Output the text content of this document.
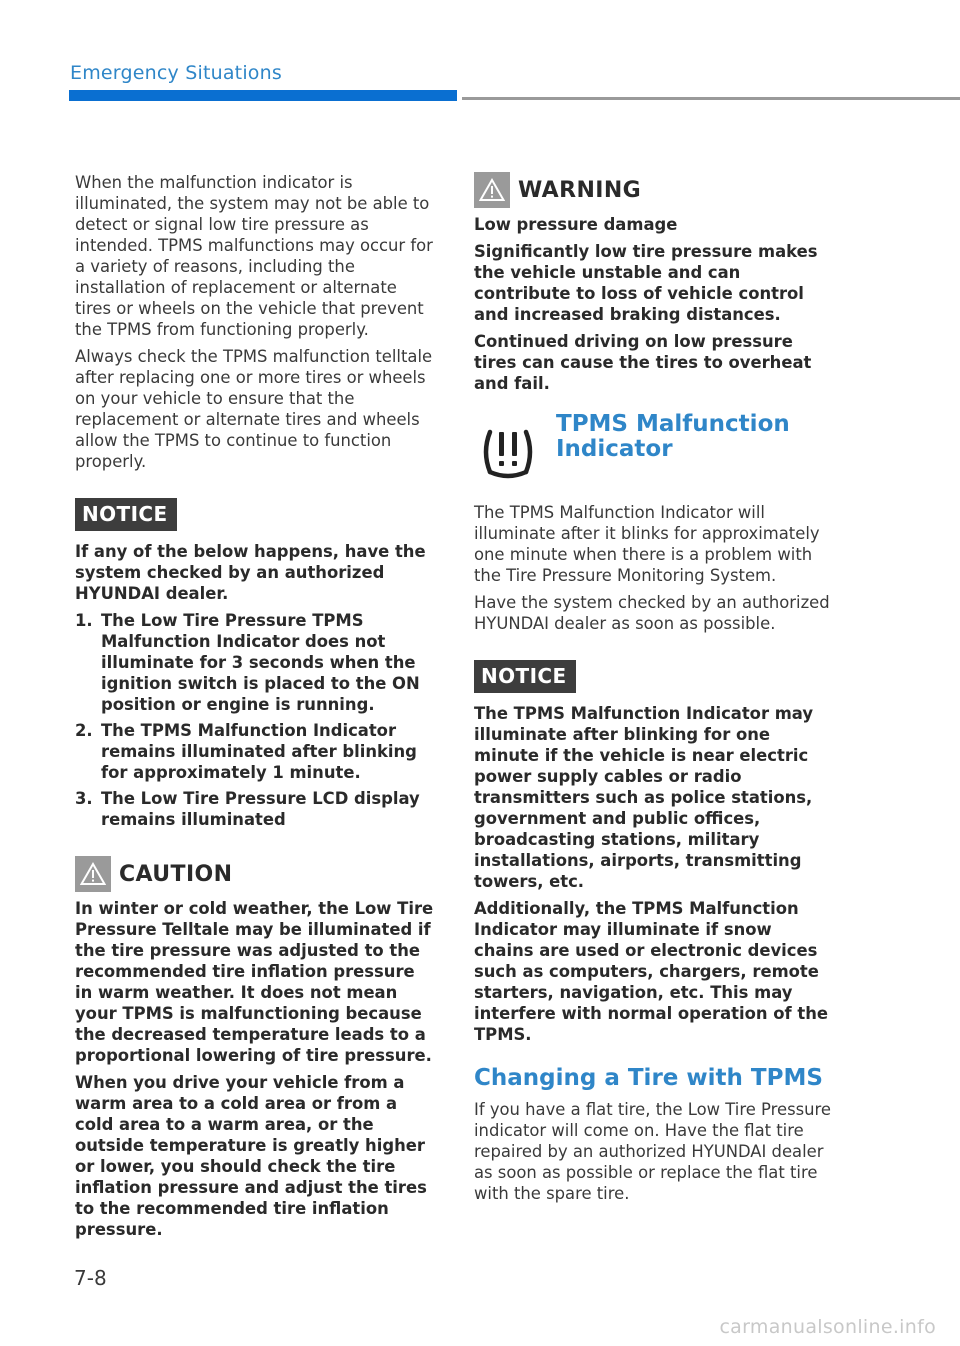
Emergency Situations

When the malfunction indicator is illuminated, the system may not be able to detect or signal low tire pressure as intended. TPMS malfunctions may occur for a variety of reasons, including the installation of replacement or alternate tires or wheels on the vehicle that prevent the TPMS from functioning properly.

Always check the TPMS malfunction telltale after replacing one or more tires or wheels on your vehicle to ensure that the replacement or alternate tires and wheels allow the TPMS to continue to function properly.

NOTICE

If any of the below happens, have the system checked by an authorized HYUNDAI dealer.

1. The Low Tire Pressure TPMS Malfunction Indicator does not illuminate for 3 seconds when the ignition switch is placed to the ON position or engine is running.
2. The TPMS Malfunction Indicator remains illuminated after blinking for approximately 1 minute.
3. The Low Tire Pressure LCD display remains illuminated
CAUTION

In winter or cold weather, the Low Tire Pressure Telltale may be illuminated if the tire pressure was adjusted to the recommended tire inflation pressure in warm weather. It does not mean your TPMS is malfunctioning because the decreased temperature leads to a proportional lowering of tire pressure.

When you drive your vehicle from a warm area to a cold area or from a cold area to a warm area, or the outside temperature is greatly higher or lower, you should check the tire inflation pressure and adjust the tires to the recommended tire inflation pressure.

WARNING

Low pressure damage

Significantly low tire pressure makes the vehicle unstable and can contribute to loss of vehicle control and increased braking distances.

Continued driving on low pressure tires can cause the tires to overheat and fail.

TPMS Malfunction
Indicator

The TPMS Malfunction Indicator will illuminate after it blinks for approximately one minute when there is a problem with the Tire Pressure Monitoring System.

Have the system checked by an authorized HYUNDAI dealer as soon as possible.

NOTICE

The TPMS Malfunction Indicator may illuminate after blinking for one minute if the vehicle is near electric power supply cables or radio transmitters such as police stations, government and public offices, broadcasting stations, military installations, airports, transmitting towers, etc.

Additionally, the TPMS Malfunction Indicator may illuminate if snow chains are used or electronic devices such as computers, chargers, remote starters, navigation, etc. This may interfere with normal operation of the TPMS.

Changing a Tire with TPMS

If you have a flat tire, the Low Tire Pressure indicator will come on. Have the flat tire repaired by an authorized HYUNDAI dealer as soon as possible or replace the flat tire with the spare tire.

7-8
carmanualsonline.info
